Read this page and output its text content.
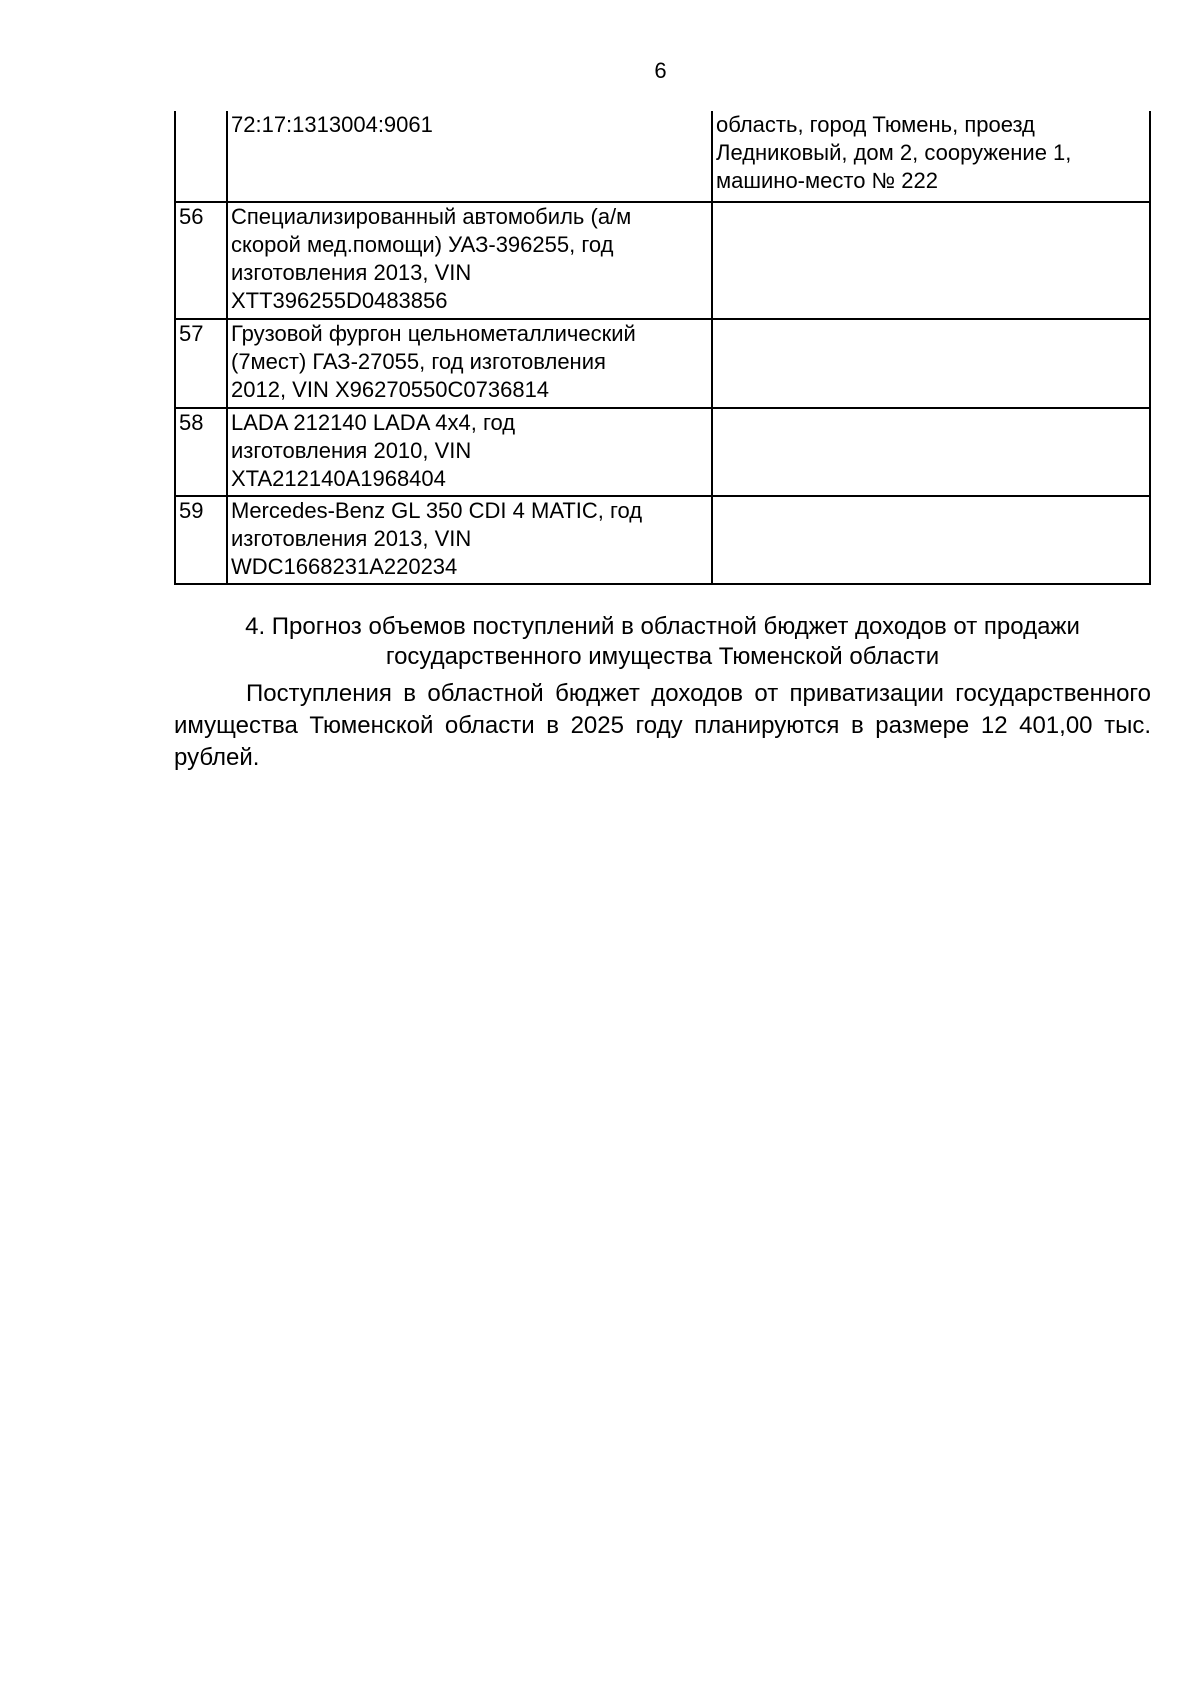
6

	72:17:1313004:9061	область, город Тюмень, проезд
Ледниковый, дом 2, сооружение 1,
машино-место № 222

56	Специализированный автомобиль (а/м
скорой мед.помощи) УАЗ-396255, год
изготовления 2013, VIN
XTT396255D0483856	

57	Грузовой фургон цельнометаллический
(7мест) ГАЗ-27055, год изготовления
2012, VIN X96270550C0736814	

58	LADA 212140 LADA 4x4, год
изготовления 2010, VIN
XTA212140A1968404	

59	Mercedes-Benz GL 350 CDI 4 MATIC, год
изготовления 2013, VIN
WDC1668231A220234	

4. Прогноз объемов поступлений в областной бюджет доходов от продажи государственного имущества Тюменской области

Поступления в областной бюджет доходов от приватизации государственного имущества Тюменской области в 2025 году планируются в размере 12 401,00 тыс. рублей.
